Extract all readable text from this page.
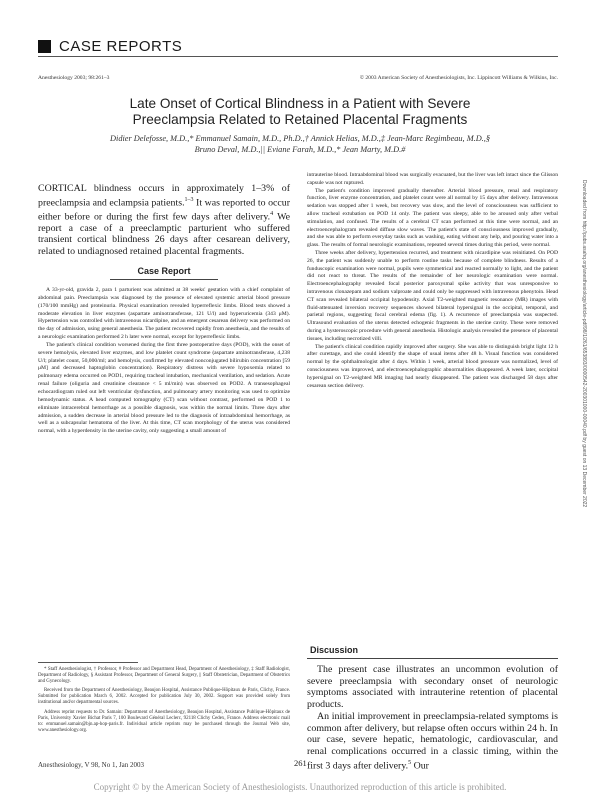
CASE REPORTS
Anesthesiology 2003; 98:261–3	© 2003 American Society of Anesthesiologists, Inc. Lippincott Williams & Wilkins, Inc.
Late Onset of Cortical Blindness in a Patient with Severe
Preeclampsia Related to Retained Placental Fragments
Didier Delefosse, M.D.,* Emmanuel Samain, M.D., Ph.D.,† Annick Helias, M.D.,‡ Jean-Marc Regimbeau, M.D.,§
Bruno Deval, M.D.,|| Eviane Farah, M.D.,* Jean Marty, M.D.#
CORTICAL blindness occurs in approximately 1–3% of preeclampsia and eclampsia patients.$^{1-3}$ It was reported to occur either before or during the first few days after delivery.$^4$ We report a case of a preeclamptic parturient who suffered transient cortical blindness 26 days after cesarean delivery, related to undiagnosed retained placental fragments.
Case Report

A 33-yr-old, gravida 2, para 1 parturient was admitted at 38 weeks' gestation with a chief complaint of abdominal pain. Preeclampsia was diagnosed by the presence of elevated systemic arterial blood pressure (170/100 mmHg) and proteinuria. Physical examination revealed hyperreflexic limbs. Blood tests showed a moderate elevation in liver enzymes (aspartate aminotransferase, 121 U/l) and hyperuricemia (343 μM). Hypertension was controlled with intravenous nicardipine, and an emergent cesarean delivery was performed on the day of admission, using general anesthesia. The patient recovered rapidly from anesthesia, and the results of a neurologic examination performed 2 h later were normal, except for hyperreflexic limbs.

The patient's clinical condition worsened during the first three postoperative days (POD), with the onset of severe hemolysis, elevated liver enzymes, and low platelet count syndrome (aspartate aminotransferase, 4,238 U/l; platelet count, 50,000/ml; and hemolysis, confirmed by elevated nonconjugated bilirubin concentration [59 μM] and decreased haptoglobin concentration). Respiratory distress with severe hypoxemia related to pulmonary edema occurred on POD1, requiring tracheal intubation, mechanical ventilation, and sedation. Acute renal failure (oliguria and creatinine clearance < 5 ml/min) was observed on POD2. A transesophageal echocardiogram ruled out left ventricular dysfunction, and pulmonary artery monitoring was used to optimize hemodynamic status. A head computed tomography (CT) scan without contrast, performed on POD 1 to eliminate intracerebral hemorrhage as a possible diagnosis, was within the normal limits. Three days after admission, a sudden decrease in arterial blood pressure led to the diagnosis of intraabdominal hemorrhage, as well as a subcapsular hematoma of the liver. At this time, CT scan morphology of the uterus was considered normal, with a hyperdensity in the uterine cavity, only suggesting a small amount of

* Staff Anesthesiologist, † Professor, # Professor and Department Head, Department of Anesthesiology, ‡ Staff Radiologist, Department of Radiology, § Assistant Professor, Department of General Surgery, || Staff Obstetrician, Department of Obstetrics and Gynecology.

Received from the Department of Anesthesiology, Beaujon Hospital, Assistance Publique-Hôpitaux de Paris, Clichy, France. Submitted for publication March 6, 2002. Accepted for publication July 30, 2002. Support was provided solely from institutional and/or departmental sources.

Address reprint requests to Dr. Samain: Department of Anesthesiology, Beaujon Hospital, Assistance Publique-Hôpitaux de Paris, University Xavier Bichat Paris 7, 100 Boulevard Général Leclerc, 92118 Clichy Cedex, France. Address electronic mail to: emmanuel.samain@bjn.ap-hop-paris.fr. Individual article reprints may be purchased through the Journal Web site, www.anesthesiology.org.

intrauterine blood. Intraabdominal blood was surgically evacuated, but the liver was left intact since the Glisson capsule was not ruptured.

The patient's condition improved gradually thereafter. Arterial blood pressure, renal and respiratory function, liver enzyme concentration, and platelet count were all normal by 15 days after delivery. Intravenous sedation was stopped after 1 week, but recovery was slow, and the level of consciousness was sufficient to allow tracheal extubation on POD 14 only. The patient was sleepy, able to be aroused only after verbal stimulation, and confused. The results of a cerebral CT scan performed at this time were normal, and an electroencephalogram revealed diffuse slow waves. The patient's state of consciousness improved gradually, and she was able to perform everyday tasks such as washing, eating without any help, and pouring water into a glass. The results of formal neurologic examinations, repeated several times during this period, were normal.

Three weeks after delivery, hypertension recurred, and treatment with nicardipine was reinitiated. On POD 26, the patient was suddenly unable to perform routine tasks because of complete blindness. Results of a funduscopic examination were normal, pupils were symmetrical and reacted normally to light, and the patient did not react to threat. The results of the remainder of her neurologic examination were normal. Electroencephalography revealed focal posterior paroxysmal spike activity that was unresponsive to intravenous clonazepam and sodium valproate and could only be suppressed with intravenous phenytoin. Head CT scan revealed bilateral occipital hypodensity. Axial T2-weighted magnetic resonance (MR) images with fluid-attenuated inversion recovery sequences showed bilateral hypersignal in the occipital, temporal, and parietal regions, suggesting focal cerebral edema (fig. 1). A recurrence of preeclampsia was suspected. Ultrasound evaluation of the uterus detected echogenic fragments in the uterine cavity. These were removed during a hysteroscopic procedure with general anesthesia. Histologic analysis revealed the presence of placental tissues, including necrotized villi.

The patient's clinical condition rapidly improved after surgery. She was able to distinguish bright light 12 h after curettage, and she could identify the shape of usual items after 48 h. Visual function was considered normal by the ophthalmologist after 4 days. Within 1 week, arterial blood pressure was normalized, level of consciousness was improved, and electroencephalographic abnormalities disappeared. A week later, occipital hypersignal on T2-weighted MR imaging had nearly disappeared. The patient was discharged 58 days after cesarean section delivery.

Discussion

The present case illustrates an uncommon evolution of severe preeclampsia with secondary onset of neurologic symptoms associated with intrauterine retention of placental products.

An initial improvement in preeclampsia-related symptoms is common after delivery, but relapse often occurs within 24 h. In our case, severe hepatic, hematologic, cardiovascular, and renal complications occurred in a classic timing, within the first 3 days after delivery.$^5$ Our

Downloaded from http://pubs.asahq.org/anesthesiology/article-pdf/98/1/261/653893/0000542-200301000-00040.pdf by guest on 13 December 2022
Anesthesiology, V 98, No 1, Jan 2003	261
Copyright © by the American Society of Anesthesiologists. Unauthorized reproduction of this article is prohibited.
